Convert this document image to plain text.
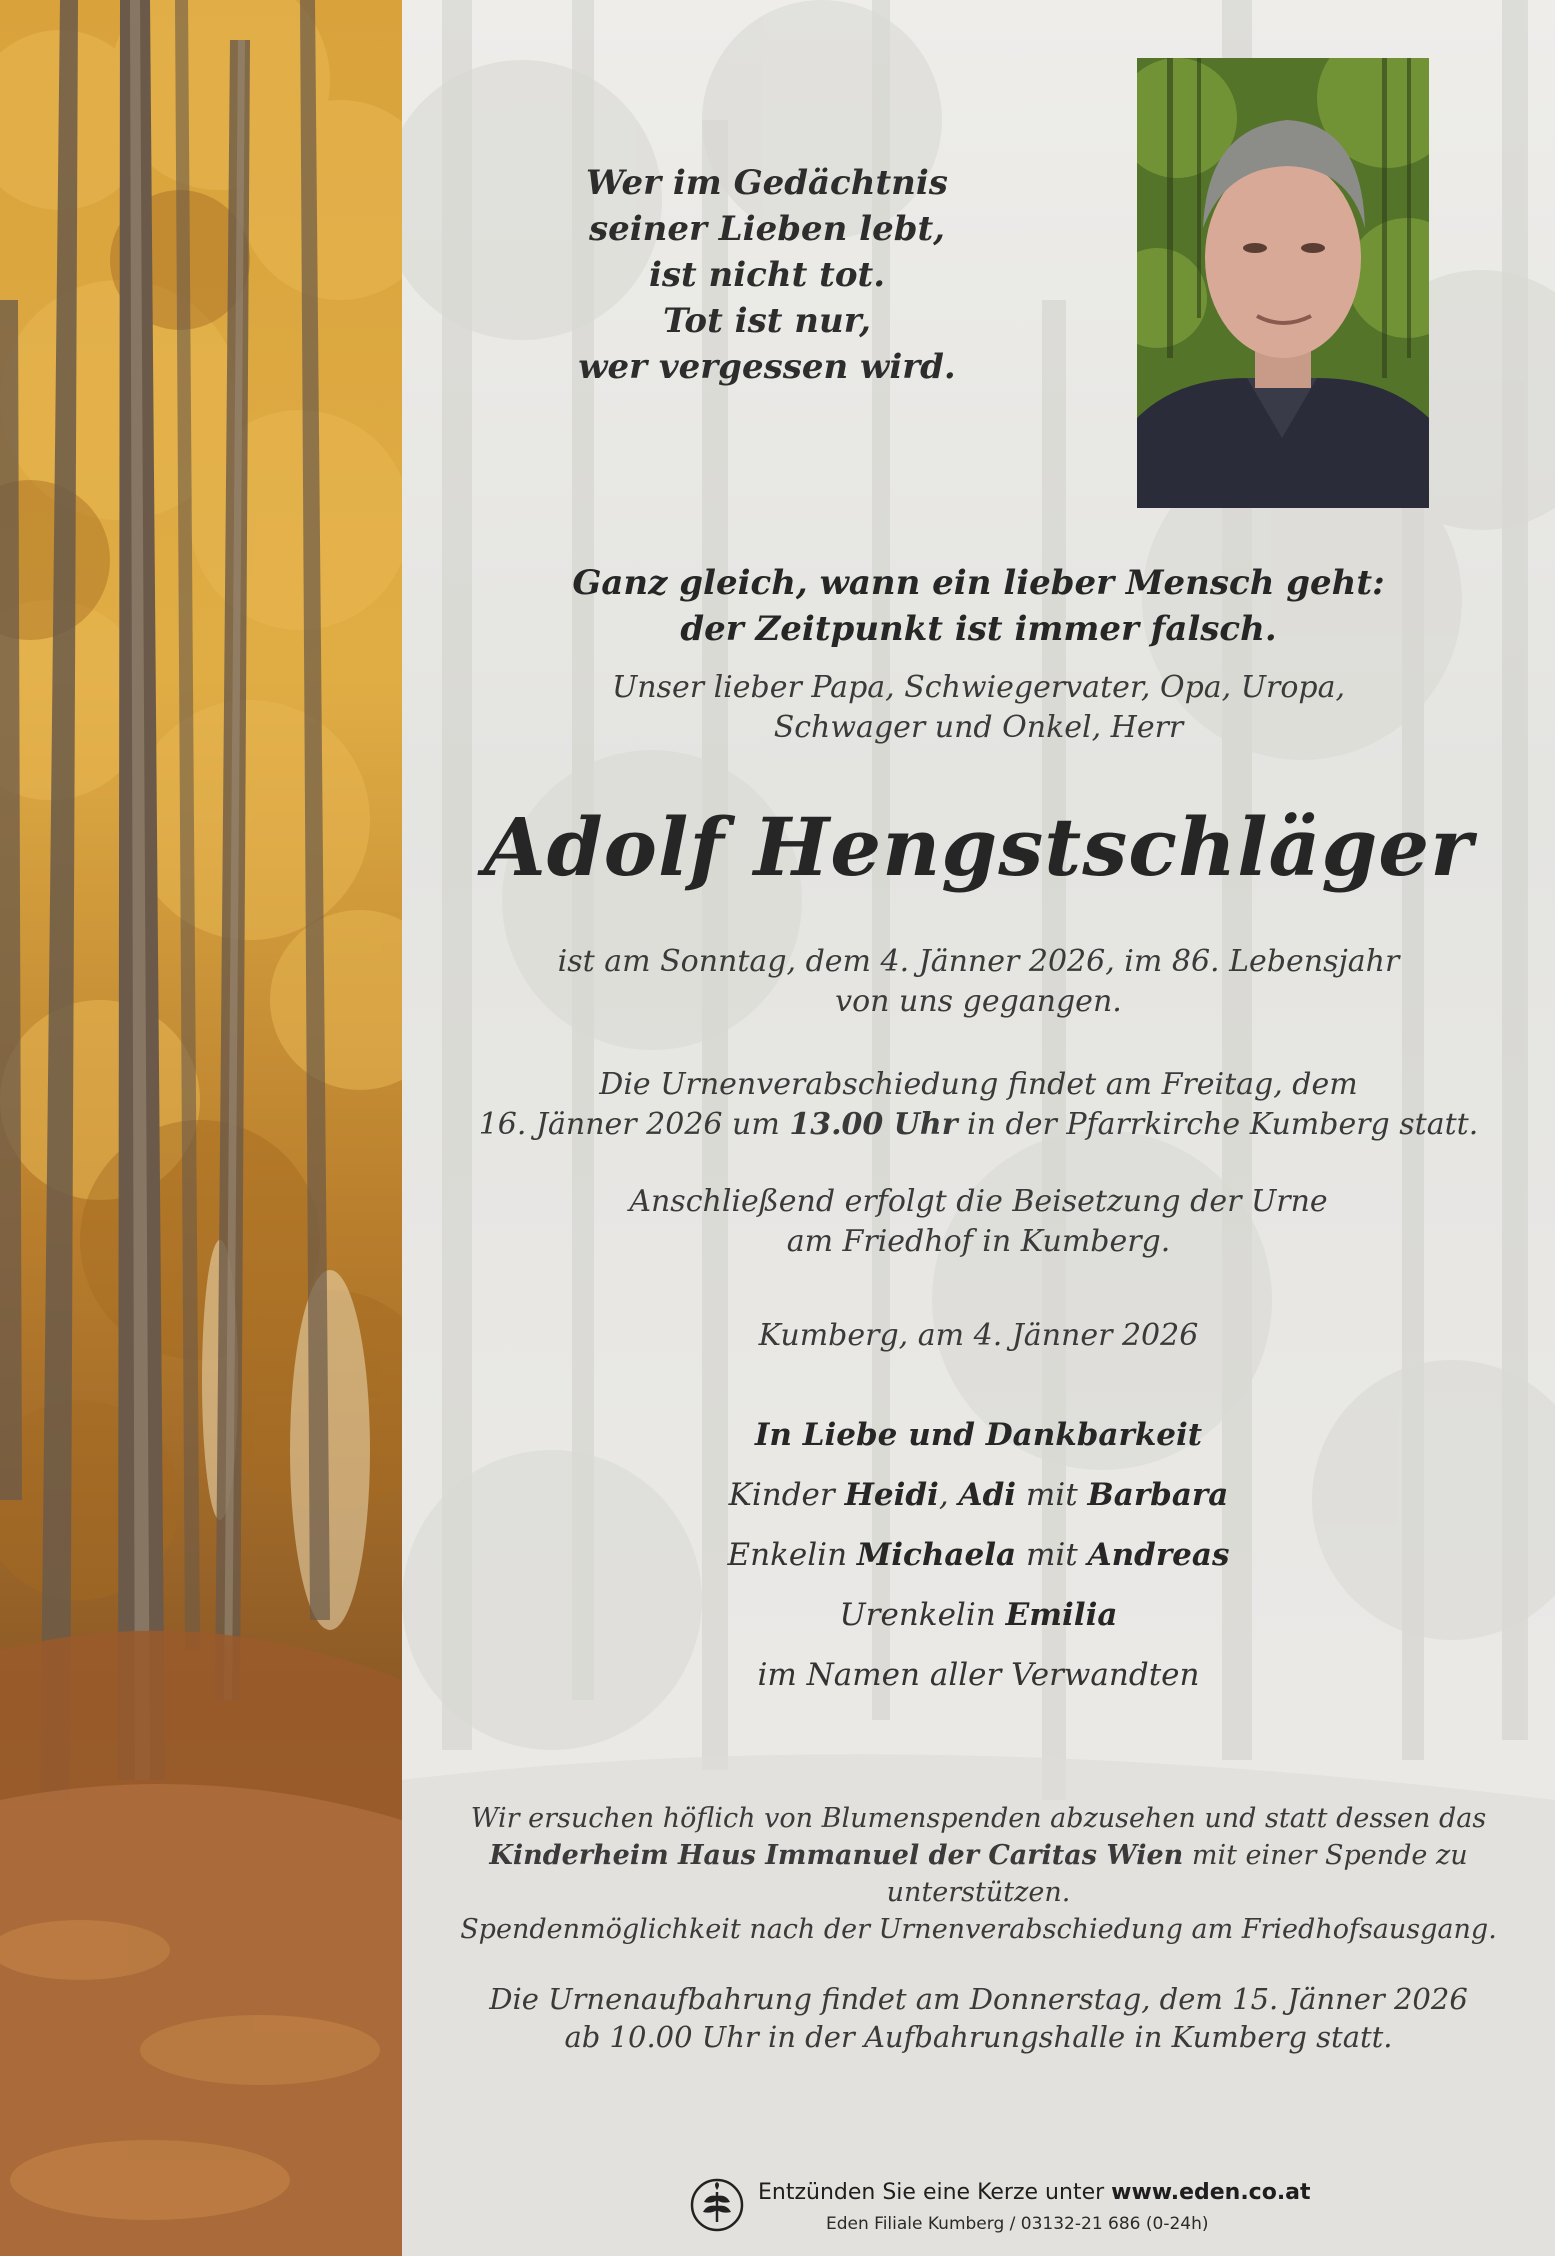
Wer im Gedächtnis
seiner Lieben lebt,
ist nicht tot.
Tot ist nur,
wer vergessen wird.
Ganz gleich, wann ein lieber Mensch geht:
der Zeitpunkt ist immer falsch.
Unser lieber Papa, Schwiegervater, Opa, Uropa,
Schwager und Onkel, Herr
Adolf Hengstschläger
ist am Sonntag, dem 4. Jänner 2026, im 86. Lebensjahr
von uns gegangen.
Die Urnenverabschiedung findet am Freitag, dem
16. Jänner 2026 um 13.00 Uhr in der Pfarrkirche Kumberg statt.
Anschließend erfolgt die Beisetzung der Urne
am Friedhof in Kumberg.
Kumberg, am 4. Jänner 2026
In Liebe und Dankbarkeit
Kinder Heidi, Adi mit Barbara
Enkelin Michaela mit Andreas
Urenkelin Emilia
im Namen aller Verwandten
Wir ersuchen höflich von Blumenspenden abzusehen und statt dessen das
Kinderheim Haus Immanuel der Caritas Wien mit einer Spende zu unterstützen.
Spendenmöglichkeit nach der Urnenverabschiedung am Friedhofsausgang.
Die Urnenaufbahrung findet am Donnerstag, dem 15. Jänner 2026
ab 10.00 Uhr in der Aufbahrungshalle in Kumberg statt.
Entzünden Sie eine Kerze unter www.eden.co.at
Eden Filiale Kumberg / 03132-21 686 (0-24h)
